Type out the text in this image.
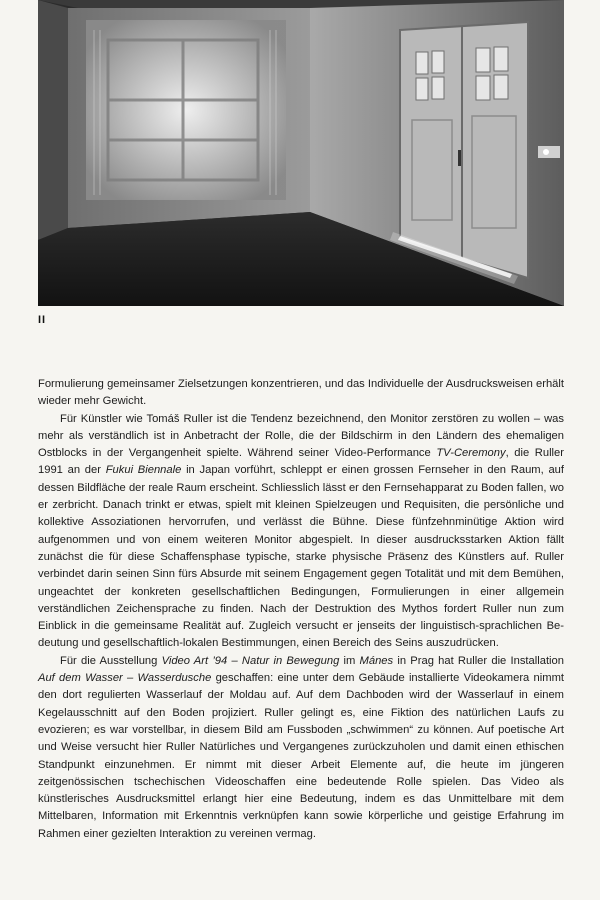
II

Formulierung gemeinsamer Zielsetzungen konzentrieren, und das Individuelle der Ausdrucksweisen erhält wieder mehr Gewicht.

Für Künstler wie Tomáš Ruller ist die Tendenz bezeichnend, den Monitor zerstören zu wollen – was mehr als verständlich ist in Anbetracht der Rolle, die der Bildschirm in den Ländern des ehemaligen Ostblocks in der Vergangenheit spielte. Während seiner Video-Performance TV-Ceremony, die Ruller 1991 an der Fukui Biennale in Japan vorführt, schleppt er einen grossen Fernseher in den Raum, auf dessen Bildfläche der reale Raum erscheint. Schliesslich lässt er den Fernsehapparat zu Boden fallen, wo er zerbricht. Danach trinkt er etwas, spielt mit kleinen Spielzeugen und Requisiten, die persönliche und kollektive Assoziationen hervorrufen, und verlässt die Bühne. Diese fünfzehnminütige Aktion wird aufgenommen und von einem weiteren Monitor abgespielt. In dieser ausdrucksstarken Aktion fällt zunächst die für diese Schaffensphase typische, starke physische Präsenz des Künstlers auf. Ruller verbindet darin seinen Sinn fürs Absurde mit seinem Engagement gegen Totalität und mit dem Bemühen, ungeachtet der konkreten gesellschaftlichen Bedingungen, Formulierungen in einer allgemein verständlichen Zeichensprache zu finden. Nach der Destruktion des Mythos fordert Ruller nun zum Einblick in die gemeinsame Realität auf. Zugleich versucht er jenseits der linguistisch-sprachlichen Bedeutung und gesellschaftlich-lokalen Bestimmungen, einen Bereich des Seins auszudrücken.

Für die Ausstellung Video Art ’94 – Natur in Bewegung im Mánes in Prag hat Ruller die Installation Auf dem Wasser – Wasserdusche geschaffen: eine unter dem Gebäude installierte Videokamera nimmt den dort regulierten Wasserlauf der Moldau auf. Auf dem Dachboden wird der Wasserlauf in einem Kegelausschnitt auf den Boden projiziert. Ruller gelingt es, eine Fiktion des natürlichen Laufs zu evozieren; es war vorstellbar, in diesem Bild am Fussboden „schwimmen“ zu können. Auf poetische Art und Weise versucht hier Ruller Natürliches und Vergangenes zurückzuholen und damit einen ethischen Standpunkt einzunehmen. Er nimmt mit dieser Arbeit Elemente auf, die heute im jüngeren zeitgenössischen tschechischen Videoschaffen eine bedeutende Rolle spielen. Das Video als künstlerisches Ausdrucksmittel erlangt hier eine Bedeutung, indem es das Unmittelbare mit dem Mittelbaren, Information mit Erkenntnis verknüpfen kann sowie körperliche und geistige Erfahrung im Rahmen einer gezielten Interaktion zu vereinen vermag.
